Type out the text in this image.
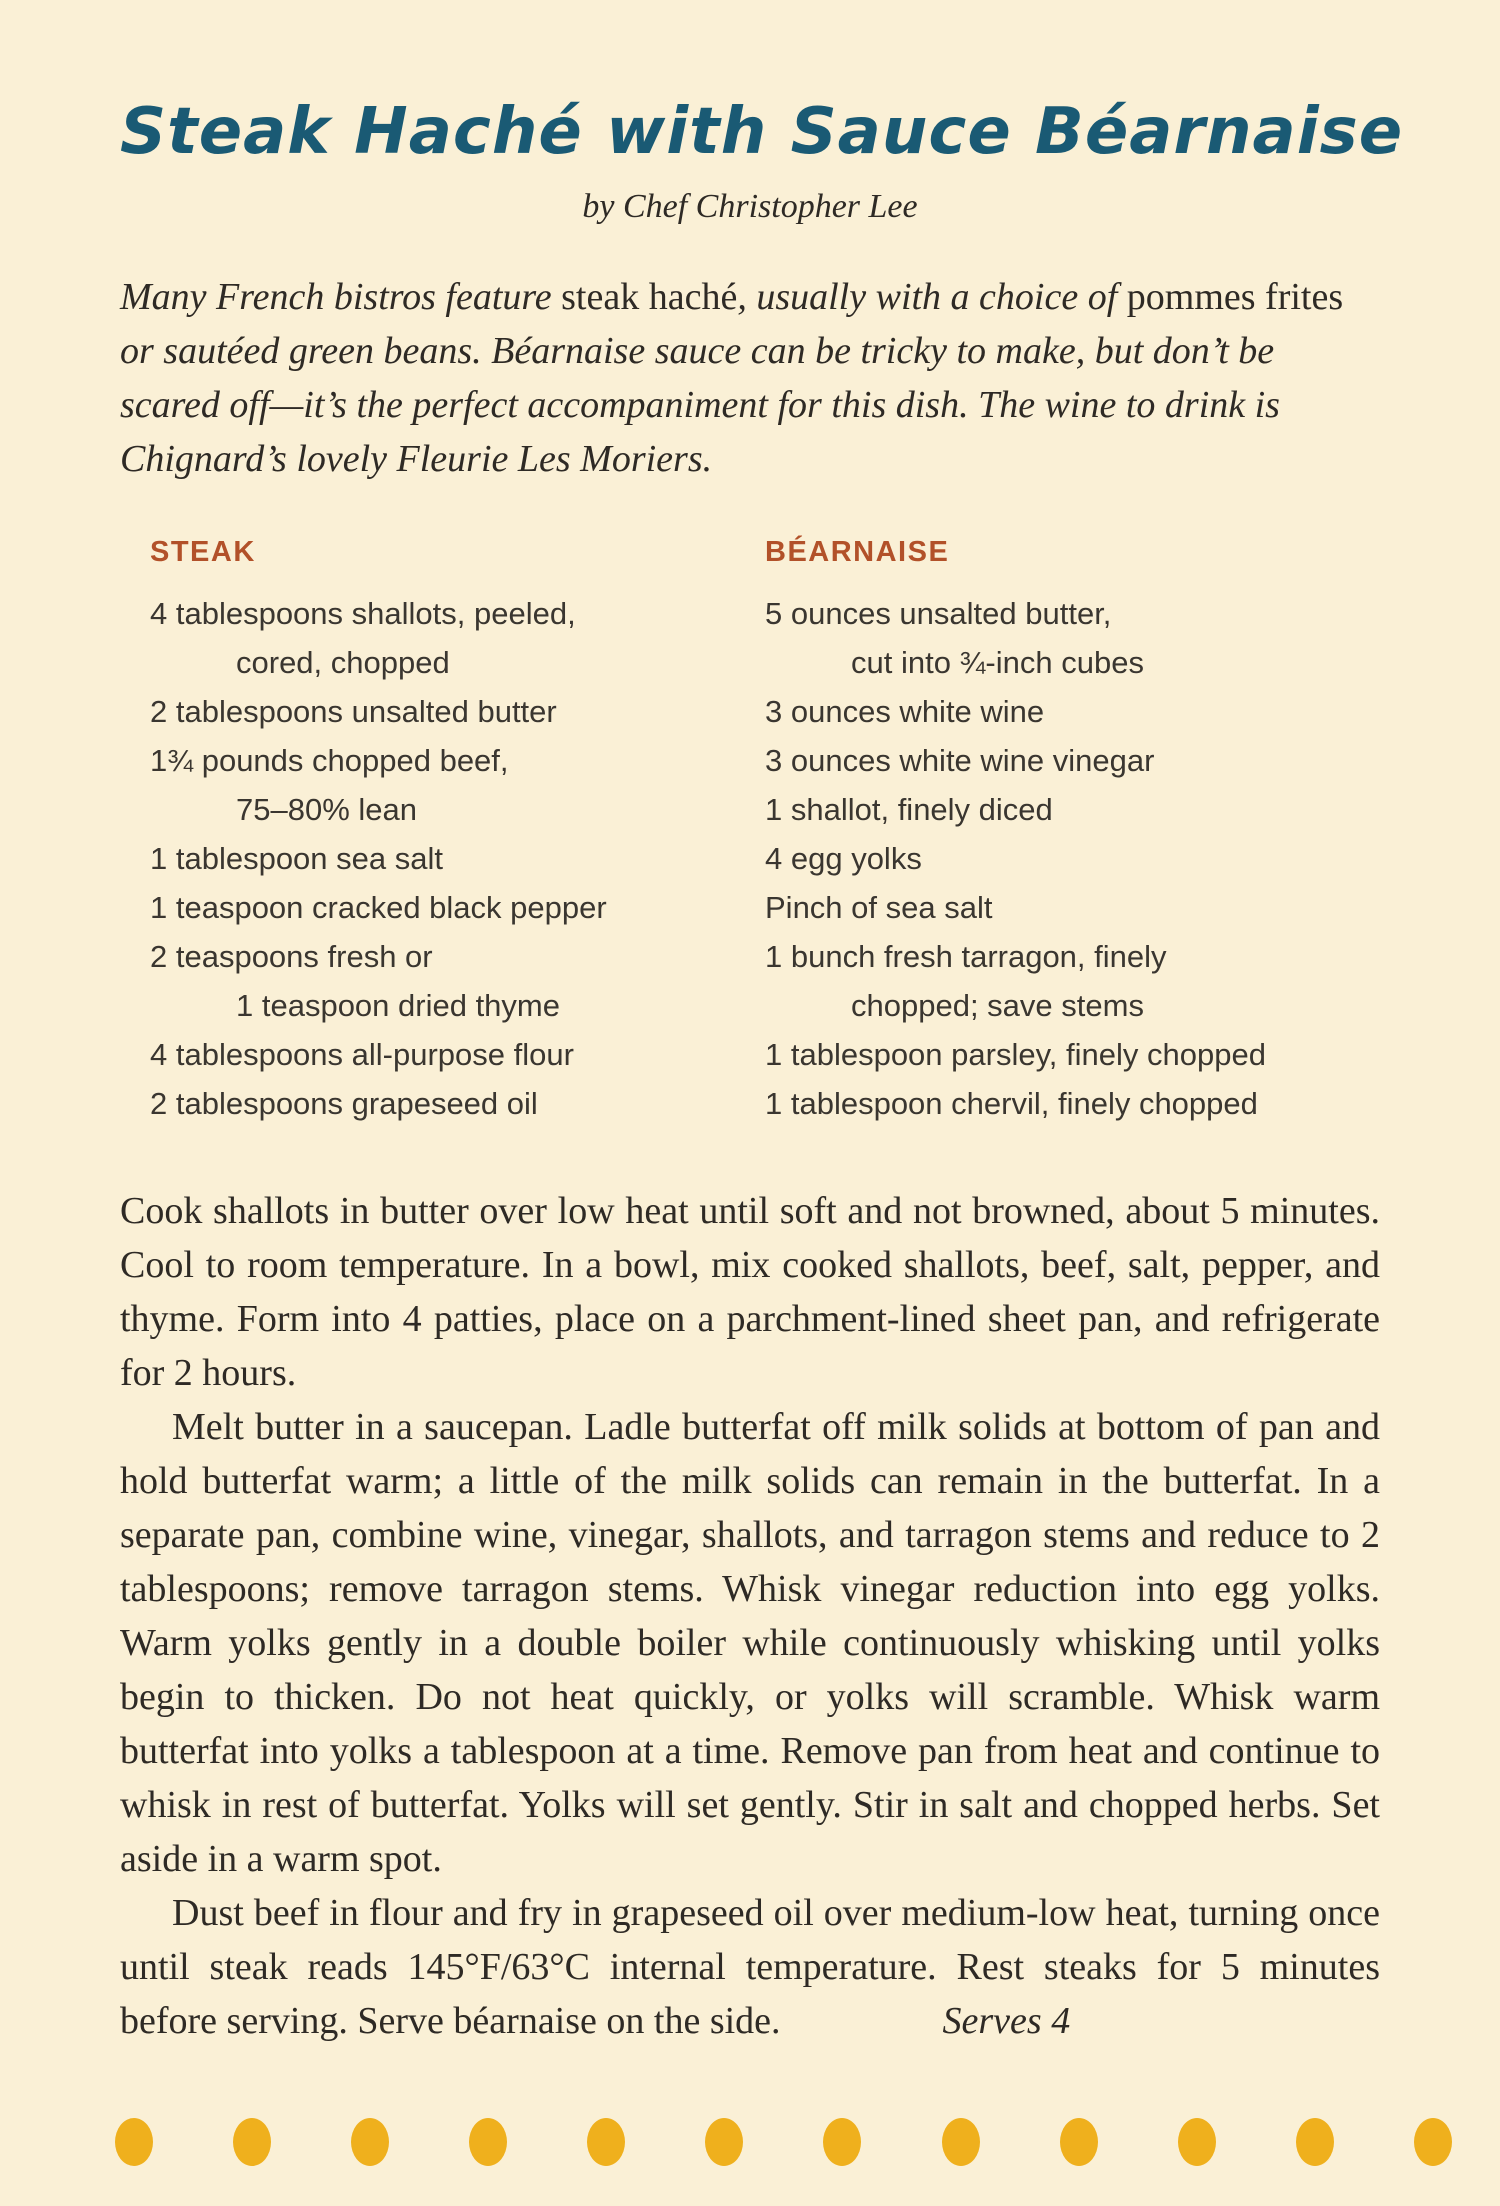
Steak Haché with Sauce Béarnaise

by Chef Christopher Lee

Many French bistros feature steak haché, usually with a choice of pommes frites or sautéed green beans. Béarnaise sauce can be tricky to make, but don’t be scared off—it’s the perfect accompaniment for this dish. The wine to drink is Chignard’s lovely Fleurie Les Moriers.

STEAK
4 tablespoons shallots, peeled,
cored, chopped
2 tablespoons unsalted butter
1¾ pounds chopped beef,
75–80% lean
1 tablespoon sea salt
1 teaspoon cracked black pepper
2 teaspoons fresh or
1 teaspoon dried thyme
4 tablespoons all-purpose flour
2 tablespoons grapeseed oil
BÉARNAISE
5 ounces unsalted butter,
cut into ¾-inch cubes
3 ounces white wine
3 ounces white wine vinegar
1 shallot, finely diced
4 egg yolks
Pinch of sea salt
1 bunch fresh tarragon, finely
chopped; save stems
1 tablespoon parsley, finely chopped
1 tablespoon chervil, finely chopped

Cook shallots in butter over low heat until soft and not browned, about 5 minutes. Cool to room temperature. In a bowl, mix cooked shallots, beef, salt, pepper, and thyme. Form into 4 patties, place on a parchment-lined sheet pan, and refrigerate for 2 hours.

Melt butter in a saucepan. Ladle butterfat off milk solids at bottom of pan and hold butterfat warm; a little of the milk solids can remain in the butterfat. In a separate pan, combine wine, vinegar, shallots, and tarragon stems and reduce to 2 tablespoons; remove tarragon stems. Whisk vinegar reduction into egg yolks. Warm yolks gently in a double boiler while continuously whisking until yolks begin to thicken. Do not heat quickly, or yolks will scramble. Whisk warm butterfat into yolks a tablespoon at a time. Remove pan from heat and continue to whisk in rest of butterfat. Yolks will set gently. Stir in salt and chopped herbs. Set aside in a warm spot.

Dust beef in flour and fry in grapeseed oil over medium-low heat, turning once until steak reads 145°F/63°C internal temperature. Rest steaks for 5 minutes before serving. Serve béarnaise on the side.	Serves 4
